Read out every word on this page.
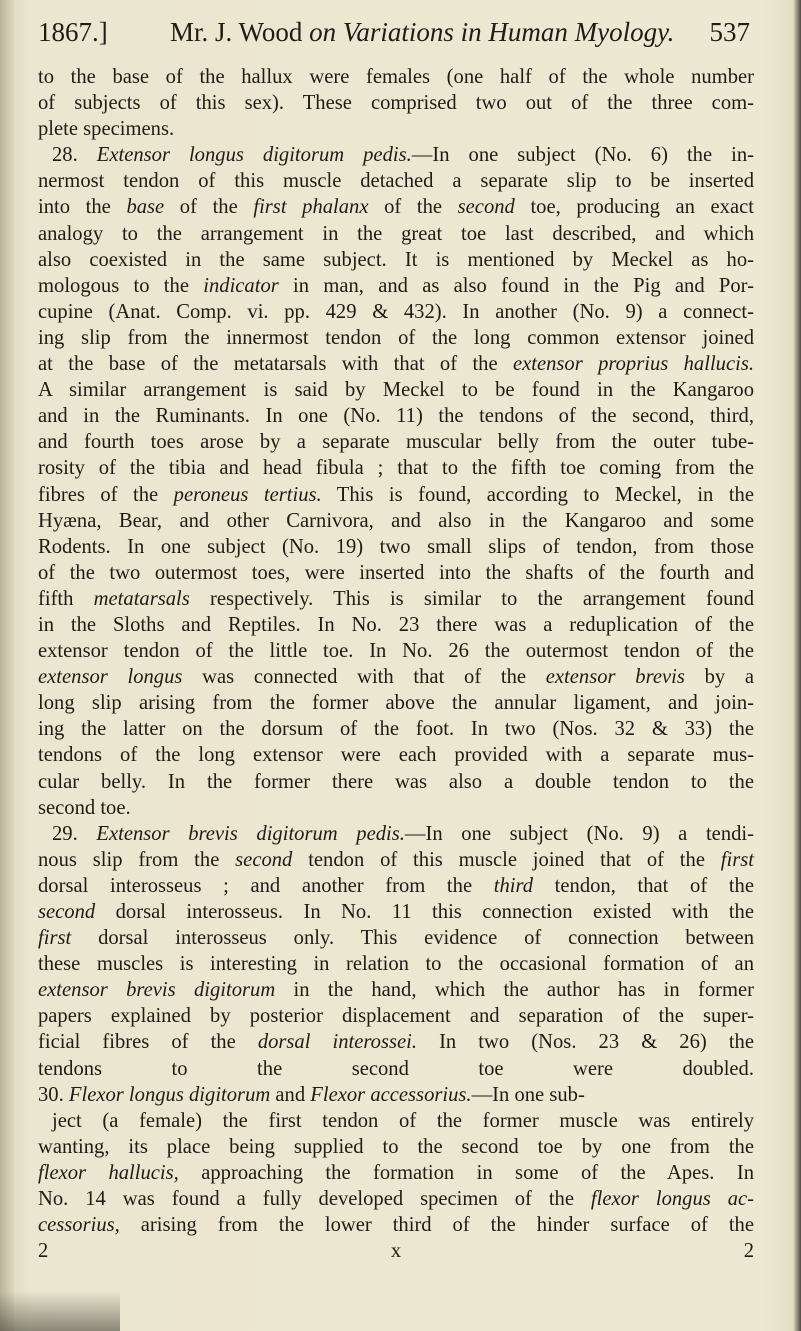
1867.] Mr. J. Wood on Variations in Human Myology. 537
to the base of the hallux were females (one half of the whole number
of subjects of this sex). These comprised two out of the three com-
plete specimens.
28. Extensor longus digitorum pedis.—In one subject (No. 6) the in-
nermost tendon of this muscle detached a separate slip to be inserted
into the base of the first phalanx of the second toe, producing an exact
analogy to the arrangement in the great toe last described, and which
also coexisted in the same subject. It is mentioned by Meckel as ho-
mologous to the indicator in man, and as also found in the Pig and Por-
cupine (Anat. Comp. vi. pp. 429 & 432). In another (No. 9) a connect-
ing slip from the innermost tendon of the long common extensor joined
at the base of the metatarsals with that of the extensor proprius hallucis.
A similar arrangement is said by Meckel to be found in the Kangaroo
and in the Ruminants. In one (No. 11) the tendons of the second, third,
and fourth toes arose by a separate muscular belly from the outer tube-
rosity of the tibia and head fibula ; that to the fifth toe coming from the
fibres of the peroneus tertius. This is found, according to Meckel, in the
Hyæna, Bear, and other Carnivora, and also in the Kangaroo and some
Rodents. In one subject (No. 19) two small slips of tendon, from those
of the two outermost toes, were inserted into the shafts of the fourth and
fifth metatarsals respectively. This is similar to the arrangement found
in the Sloths and Reptiles. In No. 23 there was a reduplication of the
extensor tendon of the little toe. In No. 26 the outermost tendon of the
extensor longus was connected with that of the extensor brevis by a
long slip arising from the former above the annular ligament, and join-
ing the latter on the dorsum of the foot. In two (Nos. 32 & 33) the
tendons of the long extensor were each provided with a separate mus-
cular belly. In the former there was also a double tendon to the
second toe.
29. Extensor brevis digitorum pedis.—In one subject (No. 9) a tendi-
nous slip from the second tendon of this muscle joined that of the first
dorsal interosseus ; and another from the third tendon, that of the
second dorsal interosseus. In No. 11 this connection existed with the
first dorsal interosseus only. This evidence of connection between
these muscles is interesting in relation to the occasional formation of an
extensor brevis digitorum in the hand, which the author has in former
papers explained by posterior displacement and separation of the super-
ficial fibres of the dorsal interossei. In two (Nos. 23 & 26) the
tendons to the second toe were doubled.
30. Flexor longus digitorum and Flexor accessorius.—In one sub-
ject (a female) the first tendon of the former muscle was entirely
wanting, its place being supplied to the second toe by one from the
flexor hallucis, approaching the formation in some of the Apes. In
No. 14 was found a fully developed specimen of the flexor longus ac-
cessorius, arising from the lower third of the hinder surface of the
2 x 2
